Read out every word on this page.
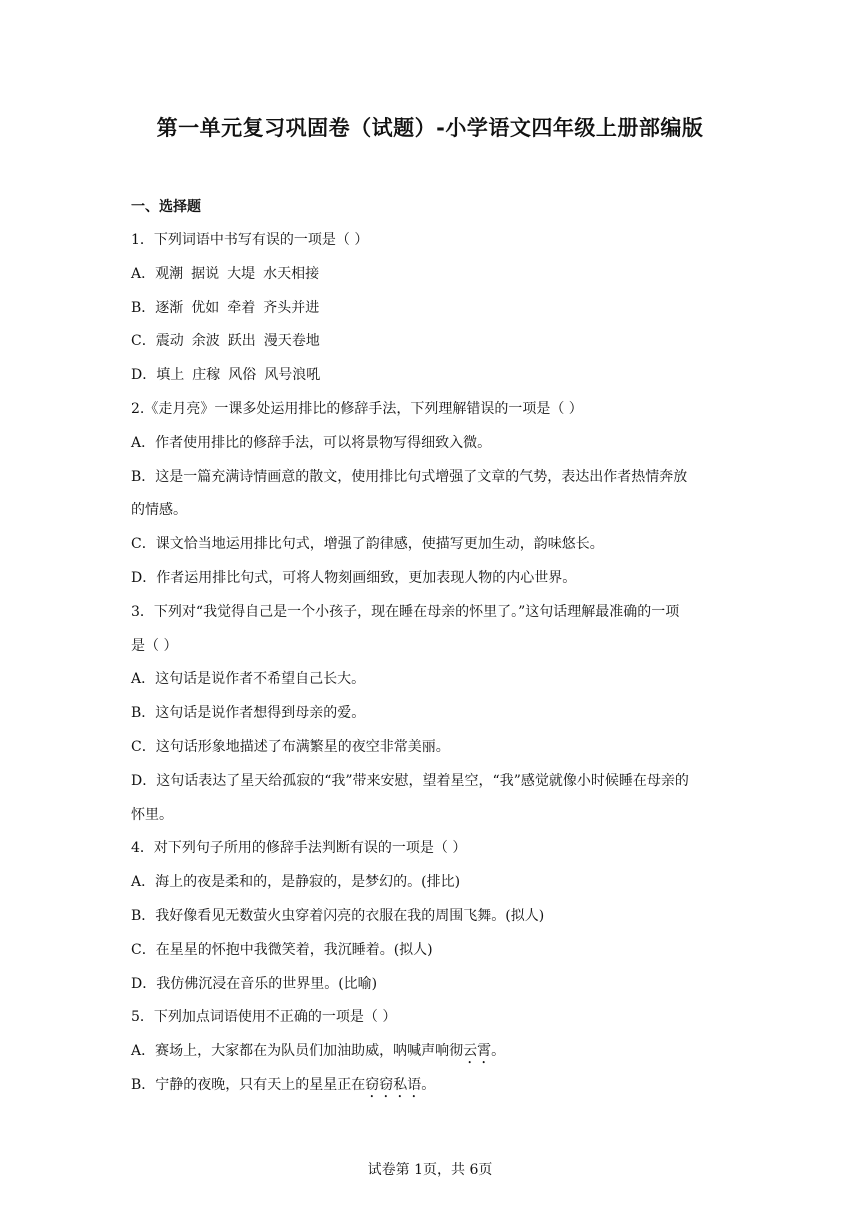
第一单元复习巩固卷（试题）-小学语文四年级上册部编版
一、选择题
1．下列词语中书写有误的一项是（ ）
A．观潮 据说 大堤 水天相接
B．逐渐 优如 牵着 齐头并进
C．震动 余波 跃出 漫天卷地
D．填上 庄稼 风俗 风号浪吼
2.《走月亮》一课多处运用排比的修辞手法，下列理解错误的一项是（ ）
A．作者使用排比的修辞手法，可以将景物写得细致入微。
B．这是一篇充满诗情画意的散文，使用排比句式增强了文章的气势，表达出作者热情奔放
的情感。
C．课文恰当地运用排比句式，增强了韵律感，使描写更加生动，韵味悠长。
D．作者运用排比句式，可将人物刻画细致，更加表现人物的内心世界。
3．下列对“我觉得自己是一个小孩子，现在睡在母亲的怀里了。”这句话理解最准确的一项
是（ ）
A．这句话是说作者不希望自己长大。
B．这句话是说作者想得到母亲的爱。
C．这句话形象地描述了布满繁星的夜空非常美丽。
D．这句话表达了星天给孤寂的“我”带来安慰，望着星空，“我”感觉就像小时候睡在母亲的
怀里。
4．对下列句子所用的修辞手法判断有误的一项是（ ）
A．海上的夜是柔和的，是静寂的，是梦幻的。(排比)
B．我好像看见无数萤火虫穿着闪亮的衣服在我的周围飞舞。(拟人)
C．在星星的怀抱中我微笑着，我沉睡着。(拟人)
D．我仿佛沉浸在音乐的世界里。(比喻)
5．下列加点词语使用不正确的一项是（ ）
A．赛场上，大家都在为队员们加油助威，呐喊声响彻云霄。
B．宁静的夜晚，只有天上的星星正在窃窃私语。
试卷第 1页，共 6页
